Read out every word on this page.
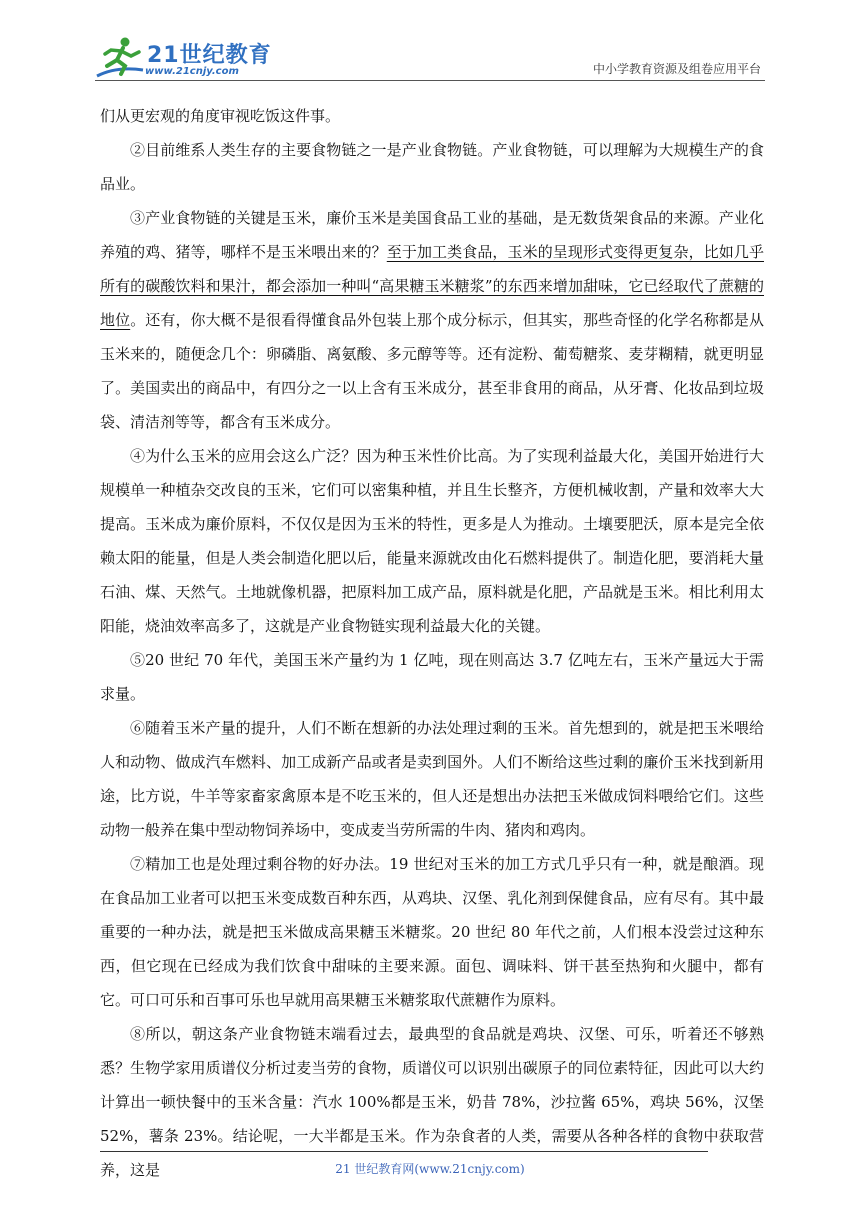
21世纪教育
www.21cnjy.com	中小学教育资源及组卷应用平台

们从更宏观的角度审视吃饭这件事。

②目前维系人类生存的主要食物链之一是产业食物链。产业食物链，可以理解为大规模生产的食品业。

③产业食物链的关键是玉米，廉价玉米是美国食品工业的基础，是无数货架食品的来源。产业化养殖的鸡、猪等，哪样不是玉米喂出来的？至于加工类食品，玉米的呈现形式变得更复杂，比如几乎所有的碳酸饮料和果汁，都会添加一种叫“高果糖玉米糖浆”的东西来增加甜味，它已经取代了蔗糖的地位。还有，你大概不是很看得懂食品外包装上那个成分标示，但其实，那些奇怪的化学名称都是从玉米来的，随便念几个：卵磷脂、离氨酸、多元醇等等。还有淀粉、葡萄糖浆、麦芽糊精，就更明显了。美国卖出的商品中，有四分之一以上含有玉米成分，甚至非食用的商品，从牙膏、化妆品到垃圾袋、清洁剂等等，都含有玉米成分。

④为什么玉米的应用会这么广泛？因为种玉米性价比高。为了实现利益最大化，美国开始进行大规模单一种植杂交改良的玉米，它们可以密集种植，并且生长整齐，方便机械收割，产量和效率大大提高。玉米成为廉价原料，不仅仅是因为玉米的特性，更多是人为推动。土壤要肥沃，原本是完全依赖太阳的能量，但是人类会制造化肥以后，能量来源就改由化石燃料提供了。制造化肥，要消耗大量石油、煤、天然气。土地就像机器，把原料加工成产品，原料就是化肥，产品就是玉米。相比利用太阳能，烧油效率高多了，这就是产业食物链实现利益最大化的关键。

⑤20 世纪 70 年代，美国玉米产量约为 1 亿吨，现在则高达 3.7 亿吨左右，玉米产量远大于需求量。

⑥随着玉米产量的提升，人们不断在想新的办法处理过剩的玉米。首先想到的，就是把玉米喂给人和动物、做成汽车燃料、加工成新产品或者是卖到国外。人们不断给这些过剩的廉价玉米找到新用途，比方说，牛羊等家畜家禽原本是不吃玉米的，但人还是想出办法把玉米做成饲料喂给它们。这些动物一般养在集中型动物饲养场中，变成麦当劳所需的牛肉、猪肉和鸡肉。

⑦精加工也是处理过剩谷物的好办法。19 世纪对玉米的加工方式几乎只有一种，就是酿酒。现在食品加工业者可以把玉米变成数百种东西，从鸡块、汉堡、乳化剂到保健食品，应有尽有。其中最重要的一种办法，就是把玉米做成高果糖玉米糖浆。20 世纪 80 年代之前，人们根本没尝过这种东西，但它现在已经成为我们饮食中甜味的主要来源。面包、调味料、饼干甚至热狗和火腿中，都有它。可口可乐和百事可乐也早就用高果糖玉米糖浆取代蔗糖作为原料。

⑧所以，朝这条产业食物链末端看过去，最典型的食品就是鸡块、汉堡、可乐，听着还不够熟悉？生物学家用质谱仪分析过麦当劳的食物，质谱仪可以识别出碳原子的同位素特征，因此可以大约计算出一顿快餐中的玉米含量：汽水 100%都是玉米，奶昔 78%，沙拉酱 65%，鸡块 56%，汉堡 52%，薯条 23%。结论呢，一大半都是玉米。作为杂食者的人类，需要从各种各样的食物中获取营养，这是	21 世纪教育网(www.21cnjy.com)
